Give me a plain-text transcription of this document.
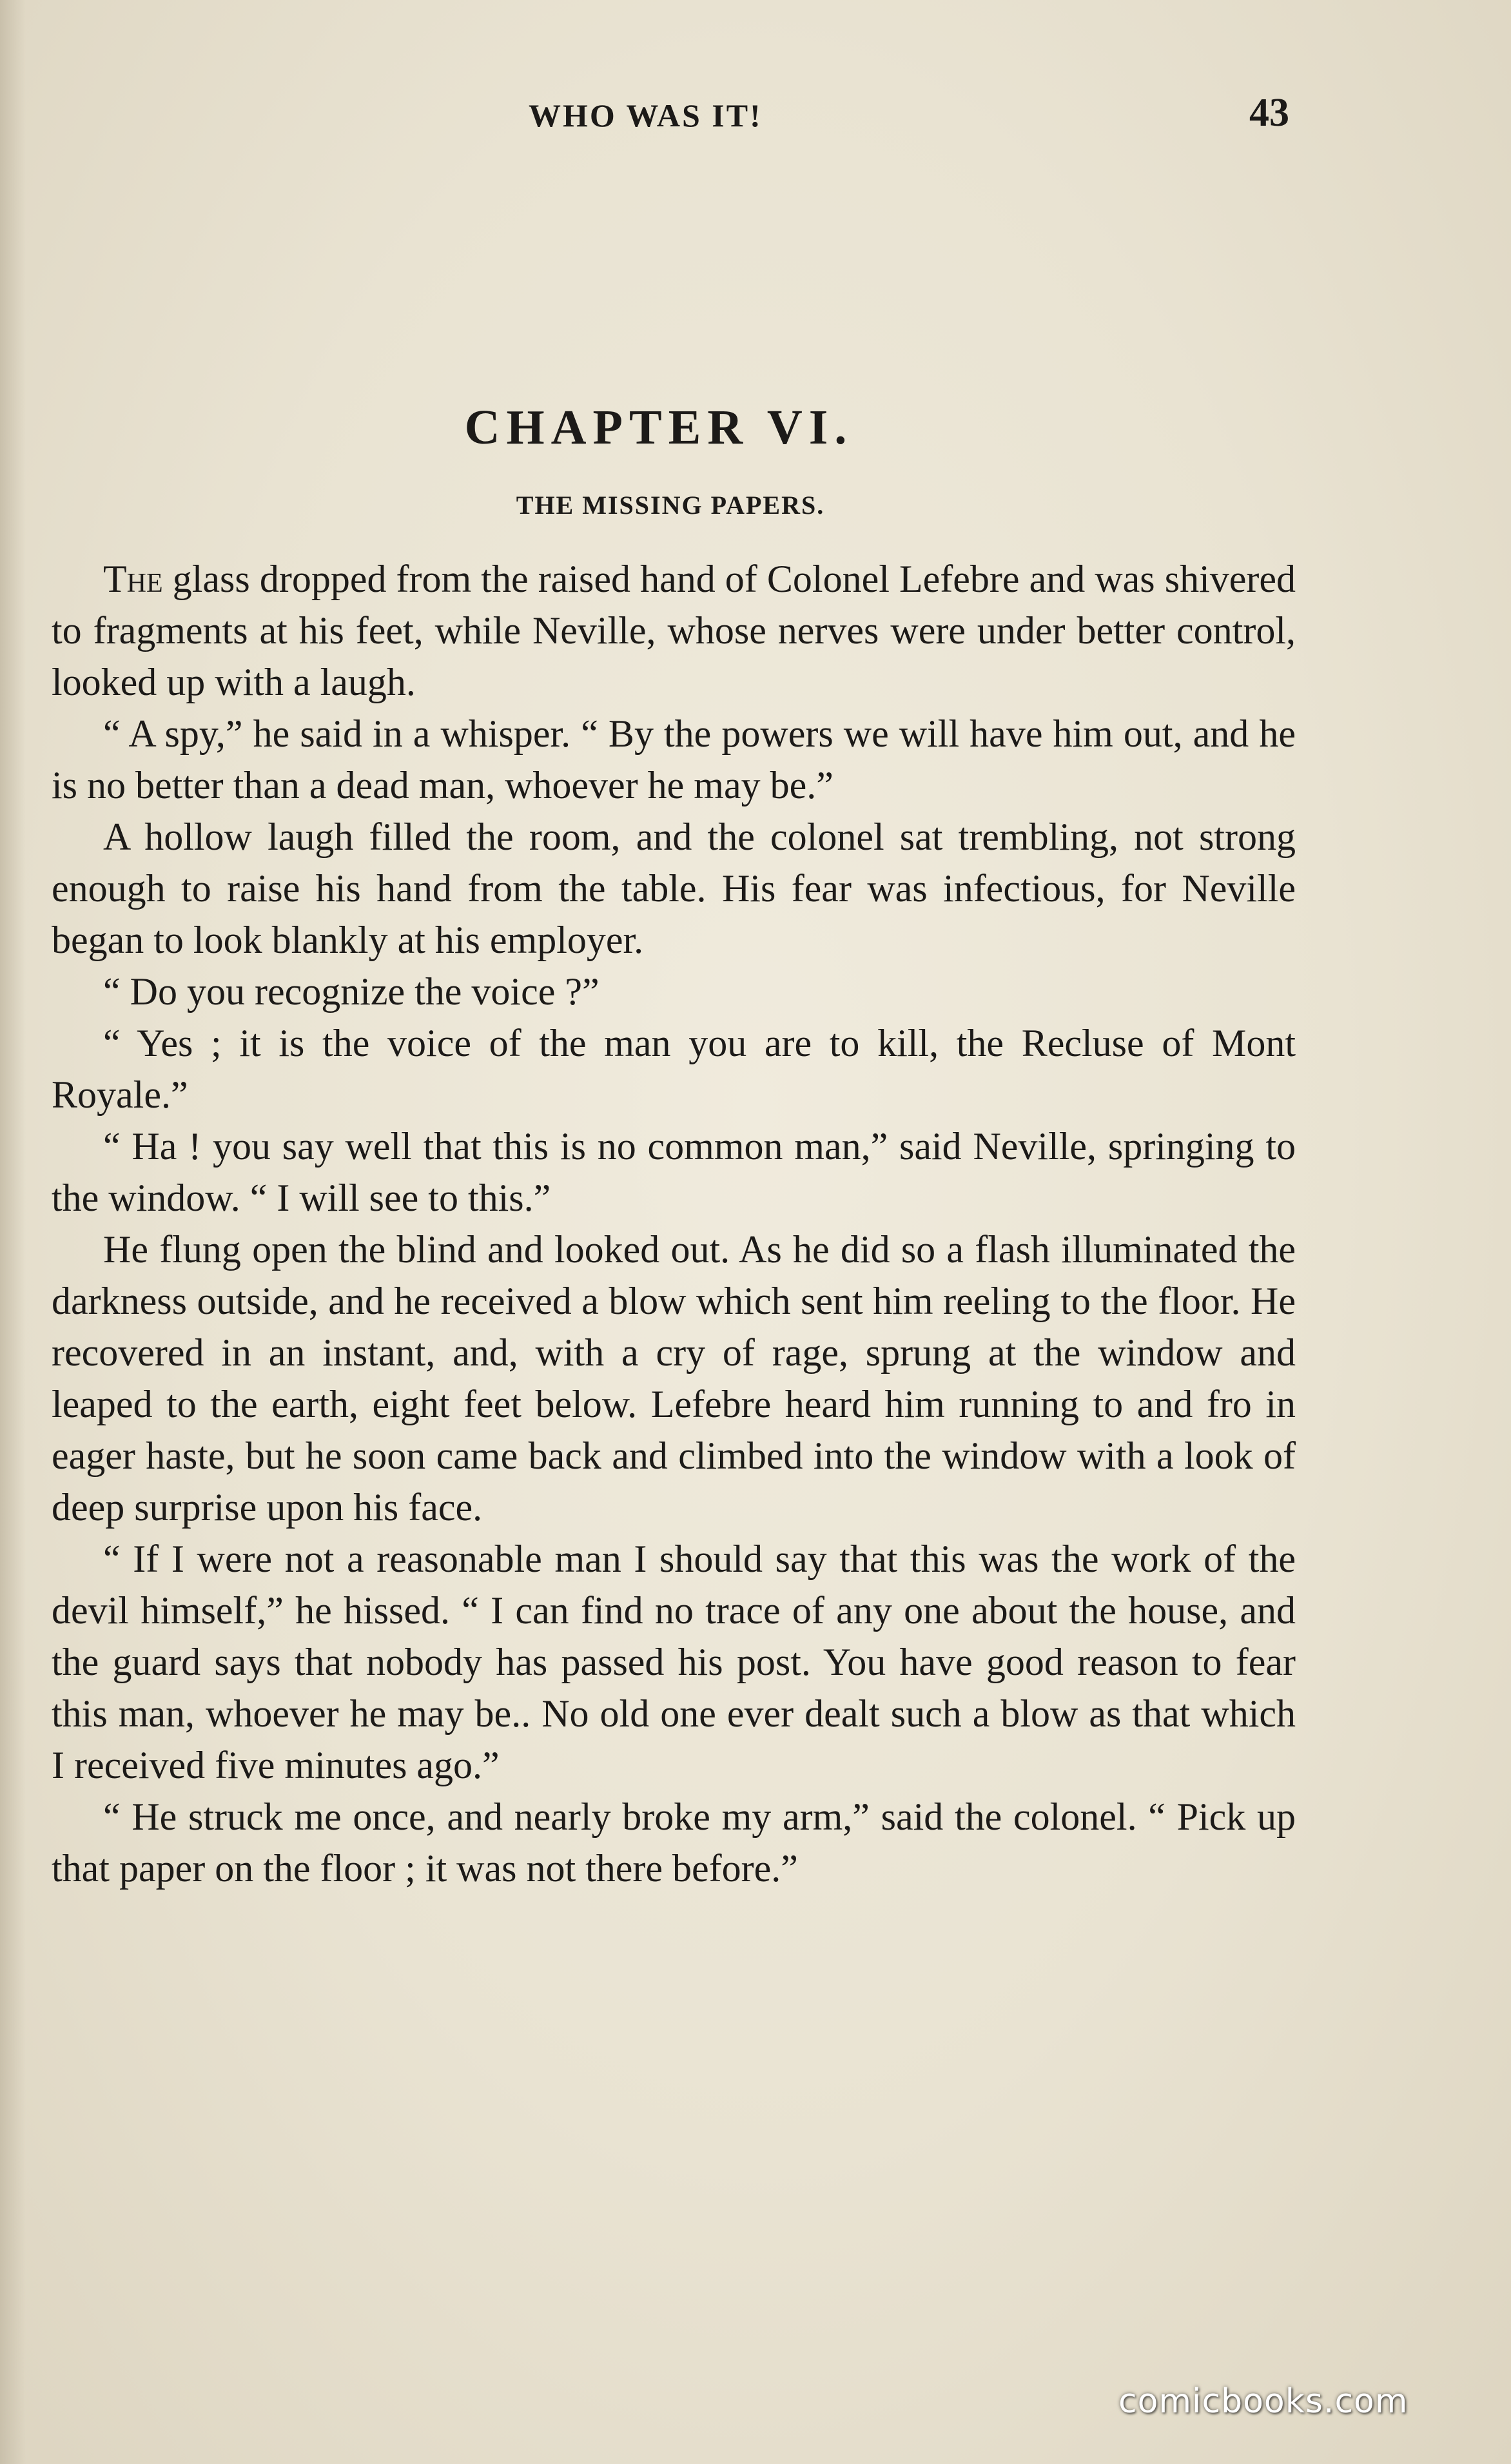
WHO WAS IT!	43
CHAPTER VI.
THE MISSING PAPERS.

The glass dropped from the raised hand of Colonel Lefebre and was shivered to fragments at his feet, while Neville, whose nerves were under better control, looked up with a laugh.

“ A spy,” he said in a whisper. “ By the powers we will have him out, and he is no better than a dead man, whoever he may be.”

A hollow laugh filled the room, and the colonel sat trembling, not strong enough to raise his hand from the table. His fear was infectious, for Neville began to look blankly at his employer.

“ Do you recognize the voice ?”

“ Yes ; it is the voice of the man you are to kill, the Recluse of Mont Royale.”

“ Ha ! you say well that this is no common man,” said Neville, springing to the window. “ I will see to this.”

He flung open the blind and looked out. As he did so a flash illuminated the darkness outside, and he received a blow which sent him reeling to the floor. He recovered in an instant, and, with a cry of rage, sprung at the window and leaped to the earth, eight feet below. Lefebre heard him running to and fro in eager haste, but he soon came back and climbed into the window with a look of deep surprise upon his face.

“ If I were not a reasonable man I should say that this was the work of the devil himself,” he hissed. “ I can find no trace of any one about the house, and the guard says that nobody has passed his post. You have good reason to fear this man, whoever he may be.. No old one ever dealt such a blow as that which I received five minutes ago.”

“ He struck me once, and nearly broke my arm,” said the colonel. “ Pick up that paper on the floor ; it was not there before.”

comicbooks.com
